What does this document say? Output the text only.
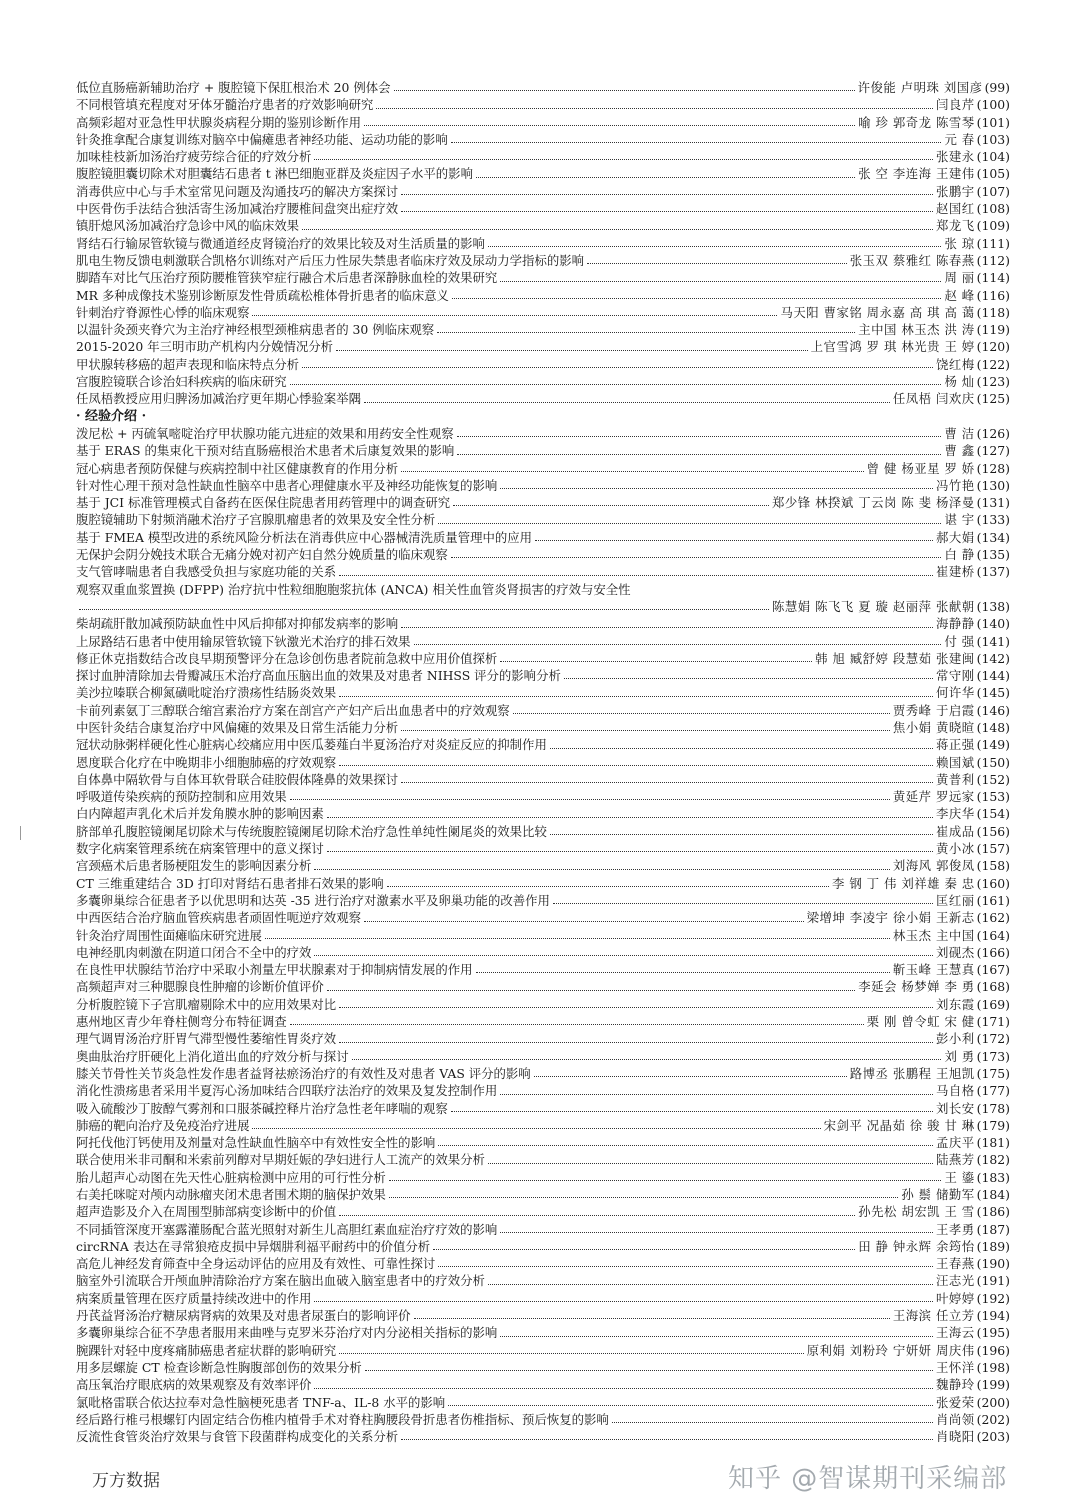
低位直肠癌新辅助治疗 + 腹腔镜下保肛根治术 20 例体会	许俊能 卢明珠 刘国彦 (99)
不同根管填充程度对牙体牙髓治疗患者的疗效影响研究	闫良芹 (100)
高频彩超对亚急性甲状腺炎病程分期的鉴别诊断作用	喻 珍 郭奇龙 陈雪琴 (101)
针灸推拿配合康复训练对脑卒中偏瘫患者神经功能、运动功能的影响	元 春 (103)
加味桂枝新加汤治疗疲劳综合征的疗效分析	张建永 (104)
腹腔镜胆囊切除术对胆囊结石患者 t 淋巴细胞亚群及炎症因子水平的影响	张 空 李连海 王建伟 (105)
消毒供应中心与手术室常见问题及沟通技巧的解决方案探讨	张鹏宇 (107)
中医骨伤手法结合独活寄生汤加减治疗腰椎间盘突出症疗效	赵国红 (108)
镇肝熄风汤加减治疗急诊中风的临床效果	郑龙飞 (109)
肾结石行输尿管软镜与微通道经皮肾镜治疗的效果比较及对生活质量的影响	张 琼 (111)
肌电生物反馈电刺激联合凯格尔训练对产后压力性尿失禁患者临床疗效及尿动力学指标的影响	张玉双 蔡雅红 陈春燕 (112)
脚踏车对比气压治疗预防腰椎管狭窄症行融合术后患者深静脉血栓的效果研究	周 丽 (114)
MR 多种成像技术鉴别诊断原发性骨质疏松椎体骨折患者的临床意义	赵 峰 (116)
针刺治疗脊源性心悸的临床观察	马天阳 曹家铭 周永嘉 高 琪 高 蔼 (118)
以温针灸颈夹脊穴为主治疗神经根型颈椎病患者的 30 例临床观察	主中国 林玉杰 洪 涛 (119)
2015-2020 年三明市助产机构内分娩情况分析	上官雪鸿 罗 琪 林光贵 王 婷 (120)
甲状腺转移癌的超声表现和临床特点分析	饶红梅 (122)
宫腹腔镜联合诊治妇科疾病的临床研究	杨 灿 (123)
任凤梧教授应用归脾汤加减治疗更年期心悸验案举隅	任凤梧 闫欢庆 (125)
· 经验介绍 ·
泼尼松 + 丙硫氧嘧啶治疗甲状腺功能亢进症的效果和用药安全性观察	曹 洁 (126)
基于 ERAS 的集束化干预对结直肠癌根治术患者术后康复效果的影响	曹 鑫 (127)
冠心病患者预防保健与疾病控制中社区健康教育的作用分析	曾 健 杨亚星 罗 娇 (128)
针对性心理干预对急性缺血性脑卒中患者心理健康水平及神经功能恢复的影响	冯竹艳 (130)
基于 JCI 标准管理模式自备药在医保住院患者用药管理中的调查研究	郑少锋 林揆斌 丁云岗 陈 斐 杨泽曼 (131)
腹腔镜辅助下射频消融术治疗子宫腺肌瘤患者的效果及安全性分析	谌 宇 (133)
基于 FMEA 模型改进的系统风险分析法在消毒供应中心器械清洗质量管理中的应用	郝大娟 (134)
无保护会阴分娩技术联合无痛分娩对初产妇自然分娩质量的临床观察	白 静 (135)
支气管哮喘患者自我感受负担与家庭功能的关系	崔建桥 (137)
观察双重血浆置换 (DFPP) 治疗抗中性粒细胞胞浆抗体 (ANCA) 相关性血管炎肾损害的疗效与安全性
陈慧娟 陈飞飞 夏 璇 赵丽萍 张献朝 (138)
柴胡疏肝散加减预防缺血性中风后抑郁对抑郁发病率的影响	海静静 (140)
上尿路结石患者中使用输尿管软镜下钬激光术治疗的排石效果	付 强 (141)
修正休克指数结合改良早期预警评分在急诊创伤患者院前急救中应用价值探析	韩 旭 臧舒婷 段慧茹 张建闽 (142)
探讨血肿清除加去骨瓣减压术治疗高血压脑出血的效果及对患者 NIHSS 评分的影响分析	常守刚 (144)
美沙拉嗪联合柳氮磺吡啶治疗溃疡性结肠炎效果	何许华 (145)
卡前列素氨丁三醇联合缩宫素治疗方案在剖宫产产妇产后出血患者中的疗效观察	贾秀峰 于启霞 (146)
中医针灸结合康复治疗中风偏瘫的效果及日常生活能力分析	焦小娟 黄晓暄 (148)
冠状动脉粥样硬化性心脏病心绞痛应用中医瓜蒌薤白半夏汤治疗对炎症反应的抑制作用	蒋正强 (149)
恩度联合化疗在中晚期非小细胞肺癌的疗效观察	赖国斌 (150)
自体鼻中隔软骨与自体耳软骨联合硅胶假体隆鼻的效果探讨	黄普利 (152)
呼吸道传染疾病的预防控制和应用效果	黄延芹 罗远家 (153)
白内障超声乳化术后并发角膜水肿的影响因素	李庆华 (154)
脐部单孔腹腔镜阑尾切除术与传统腹腔镜阑尾切除术治疗急性单纯性阑尾炎的效果比较	崔成品 (156)
数字化病案管理系统在病案管理中的意义探讨	黄小冰 (157)
宫颈癌术后患者肠梗阻发生的影响因素分析	刘海风 郭俊凤 (158)
CT 三维重建结合 3D 打印对肾结石患者排石效果的影响	李 钢 丁 伟 刘祥雄 秦 忠 (160)
多囊卵巢综合征患者予以优思明和达英 -35 进行治疗对激素水平及卵巢功能的改善作用	匡红丽 (161)
中西医结合治疗脑血管疾病患者顽固性呃逆疗效观察	梁增坤 李凌宇 徐小娟 王新志 (162)
针灸治疗周围性面瘫临床研究进展	林玉杰 主中国 (164)
电神经肌肉刺激在阴道口闭合不全中的疗效	刘砚杰 (166)
在良性甲状腺结节治疗中采取小剂量左甲状腺素对于抑制病情发展的作用	靳玉峰 王慧真 (167)
高频超声对三种腮腺良性肿瘤的诊断价值评价	李延会 杨梦婵 李 勇 (168)
分析腹腔镜下子宫肌瘤剔除术中的应用效果对比	刘东霞 (169)
惠州地区青少年脊柱侧弯分布特征调查	栗 刚 曾令虹 宋 健 (171)
理气调胃汤治疗肝胃气滞型慢性萎缩性胃炎疗效	彭小利 (172)
奥曲肽治疗肝硬化上消化道出血的疗效分析与探讨	刘 勇 (173)
膝关节骨性关节炎急性发作患者益肾祛瘀汤治疗的有效性及对患者 VAS 评分的影响	路博丞 张鹏程 王旭凯 (175)
消化性溃疡患者采用半夏泻心汤加味结合四联疗法治疗的效果及复发控制作用	马自格 (177)
吸入硫酸沙丁胺醇气雾剂和口服茶碱控释片治疗急性老年哮喘的观察	刘长安 (178)
肺癌的靶向治疗及免疫治疗进展	宋剑平 况晶茹 徐 骏 甘 琳 (179)
阿托伐他汀钙使用及剂量对急性缺血性脑卒中有效性安全性的影响	孟庆平 (181)
联合使用米非司酮和米索前列醇对早期妊娠的孕妇进行人工流产的效果分析	陆燕芳 (182)
胎儿超声心动图在先天性心脏病检测中应用的可行性分析	王 鎏 (183)
右美托咪啶对颅内动脉瘤夹闭术患者围术期的脑保护效果	孙 鬃 储勤军 (184)
超声造影及介入在周围型肺部病变诊断中的价值	孙先松 胡宏凯 王 雪 (186)
不同插管深度开塞露灌肠配合蓝光照射对新生儿高胆红素血症治疗疗效的影响	王孝勇 (187)
circRNA 表达在寻常狼疮皮损中异烟肼利福平耐药中的价值分析	田 静 钟永辉 余筠怡 (189)
高危儿神经发育筛查中全身运动评估的应用及有效性、可靠性探讨	王春燕 (190)
脑室外引流联合开颅血肿清除治疗方案在脑出血破入脑室患者中的疗效分析	汪志光 (191)
病案质量管理在医疗质量持续改进中的作用	叶婷婷 (192)
丹芪益肾汤治疗糖尿病肾病的效果及对患者尿蛋白的影响评价	王海滨 任立芳 (194)
多囊卵巢综合征不孕患者服用来曲唑与克罗米芬治疗对内分泌相关指标的影响	王海云 (195)
腕踝针对轻中度疼痛肺癌患者症状群的影响研究	原利娟 刘粉玲 宁妍妍 周庆伟 (196)
用多层螺旋 CT 检查诊断急性胸腹部创伤的效果分析	王怀洋 (198)
高压氧治疗眼底病的效果观察及有效率评价	魏静玲 (199)
氯吡格雷联合依达拉奉对急性脑梗死患者 TNF-a、IL-8 水平的影响	张爱荣 (200)
经后路行椎弓根螺钉内固定结合伤椎内植骨手术对脊柱胸腰段骨折患者伤椎指标、预后恢复的影响	肖尚领 (202)
反流性食管炎治疗效果与食管下段菌群构成变化的关系分析	肖晓阳 (203)
万方数据	知乎 @智谋期刊采编部
